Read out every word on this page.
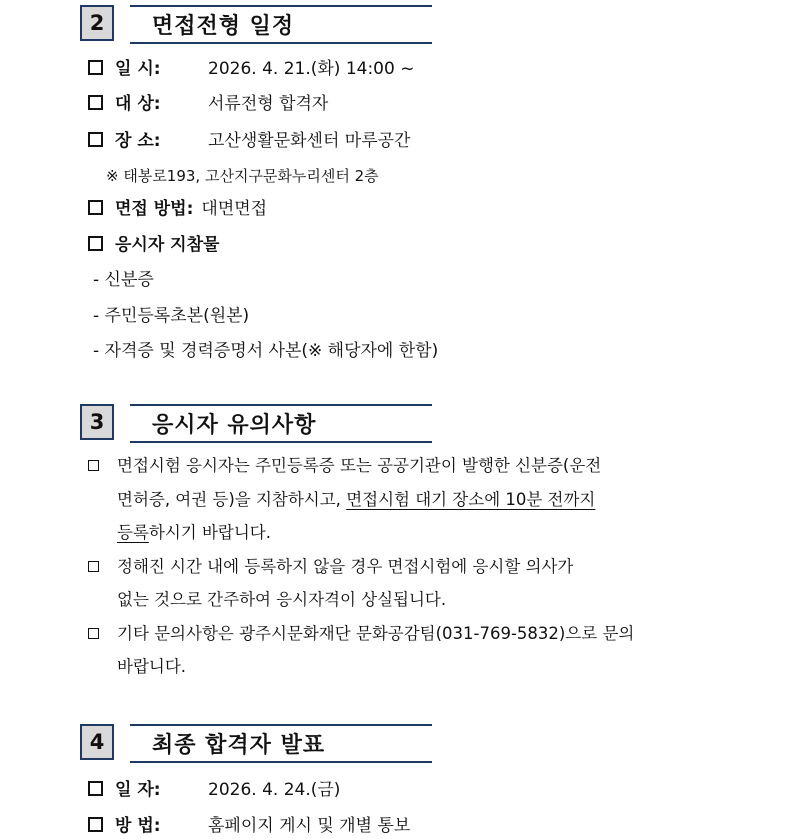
2	면접전형 일정
일 시:	2026. 4. 21.(화) 14:00 ~
대 상:	서류전형 합격자
장 소:	고산생활문화센터 마루공간
※ 태봉로193, 고산지구문화누리센터 2층
면접 방법: 대면면접
응시자 지참물
- 신분증
- 주민등록초본(원본)
- 자격증 및 경력증명서 사본(※ 해당자에 한함)
3	응시자 유의사항
면접시험 응시자는 주민등록증 또는 공공기관이 발행한 신분증(운전
면허증, 여권 등)을 지참하시고, 면접시험 대기 장소에 10분 전까지
등록하시기 바랍니다.
정해진 시간 내에 등록하지 않을 경우 면접시험에 응시할 의사가
없는 것으로 간주하여 응시자격이 상실됩니다.
기타 문의사항은 광주시문화재단 문화공감팀(031-769-5832)으로 문의
바랍니다.
4	최종 합격자 발표
일 자:	2026. 4. 24.(금)
방 법:	홈페이지 게시 및 개별 통보
